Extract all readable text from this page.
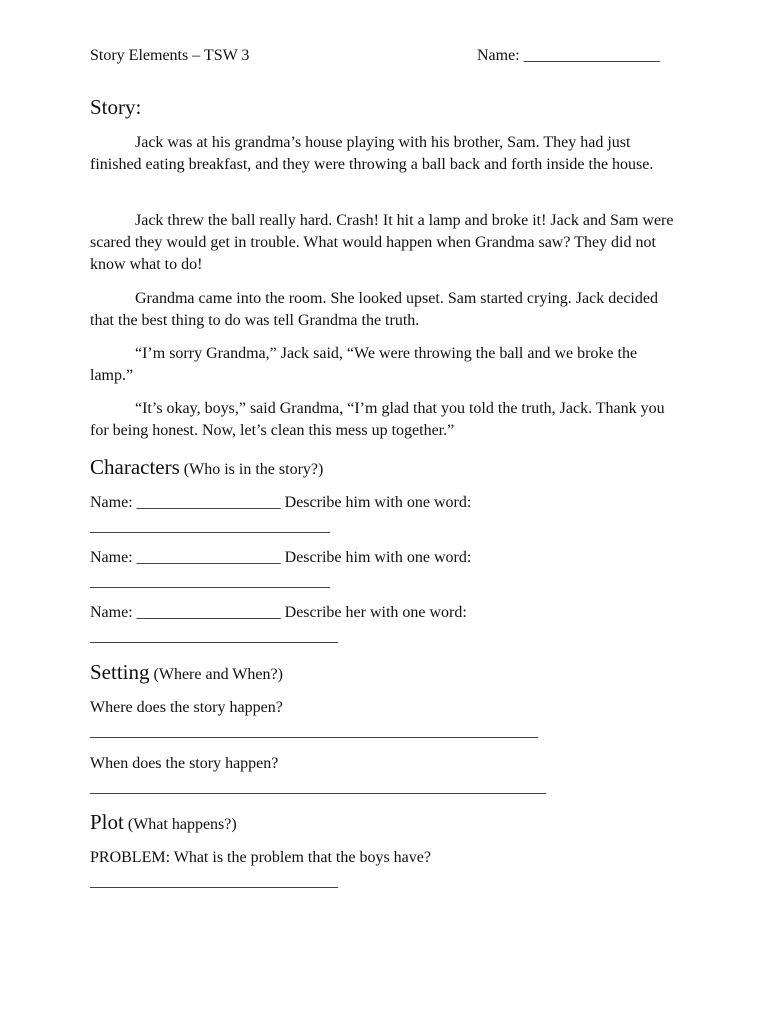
Story Elements – TSW 3	Name: _________________
Story:
Jack was at his grandma’s house playing with his brother, Sam. They had just finished eating breakfast, and they were throwing a ball back and forth inside the house.
Jack threw the ball really hard. Crash! It hit a lamp and broke it! Jack and Sam were scared they would get in trouble. What would happen when Grandma saw? They did not know what to do!
Grandma came into the room. She looked upset. Sam started crying. Jack decided that the best thing to do was tell Grandma the truth.
“I’m sorry Grandma,” Jack said, “We were throwing the ball and we broke the lamp.”
“It’s okay, boys,” said Grandma, “I’m glad that you told the truth, Jack. Thank you for being honest. Now, let’s clean this mess up together.”
Characters (Who is in the story?)
Name: __________________ Describe him with one word:
______________________________
Name: __________________ Describe him with one word:
______________________________
Name: __________________ Describe her with one word:
_______________________________
Setting (Where and When?)
Where does the story happen?
________________________________________________________
When does the story happen?
_________________________________________________________
Plot (What happens?)
PROBLEM: What is the problem that the boys have?
_______________________________
